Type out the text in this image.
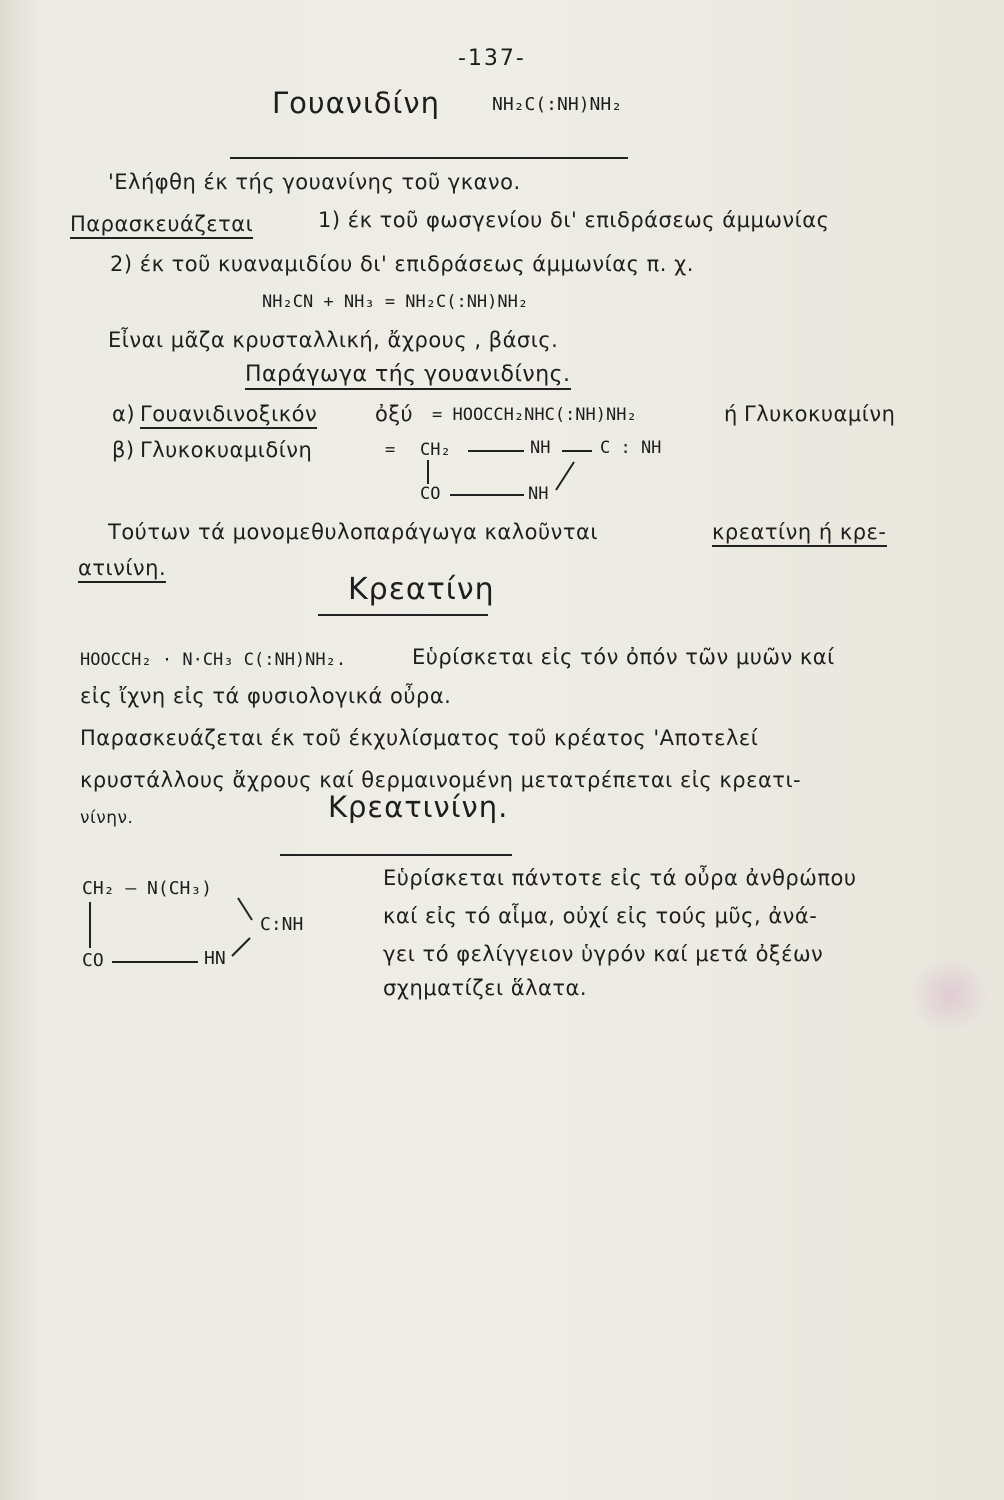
-137-
Γουανιδίνη	NH₂C(:NH)NH₂
'Ελήφθη έκ τής γουανίνης τοῦ γκανο.
Παρασκευάζεται	1) έκ τοῦ φωσγενίου δι' επιδράσεως άμμωνίας
2) έκ τοῦ κυαναμιδίου δι' επιδράσεως άμμωνίας π. χ.
NH₂CN + NH₃ = NH₂C(:NH)NH₂
Εἶναι μᾶζα κρυσταλλική, ἄχρους , βάσις.
Παράγωγα τής γουανιδίνης.
α) Γουανιδινοξικόν	ὀξύ = HOOCCH₂NHC(:NH)NH₂	ή Γλυκοκυαμίνη
β) Γλυκοκυαμιδίνη	= CH₂	NH	C : NH
CO	NH
Τούτων τά μονομεθυλοπαράγωγα καλοῦνται	κρεατίνη ή κρε-
ατινίνη.
Κρεατίνη
HOOCCH₂ · N·CH₃ C(:NH)NH₂.	Εὑρίσκεται εἰς τόν ὀπόν τῶν μυῶν καί
εἰς ἴχνη εἰς τά φυσιολογικά οὖρα.
Παρασκευάζεται έκ τοῦ έκχυλίσματος τοῦ κρέατος 'Αποτελεί
κρυστάλλους ἄχρους καί θερμαινομένη μετατρέπεται εἰς κρεατι-
νίνην.	Κρεατινίνη.
CH₂ — N(CH₃)
C:NH
CO	HN
Εὑρίσκεται πάντοτε εἰς τά οὖρα ἀνθρώπου
καί εἰς τό αἷμα, οὐχί εἰς τούς μῦς, ἀνά-
γει τό φελίγγειον ὑγρόν καί μετά ὀξέων
σχηματίζει ἅλατα.
